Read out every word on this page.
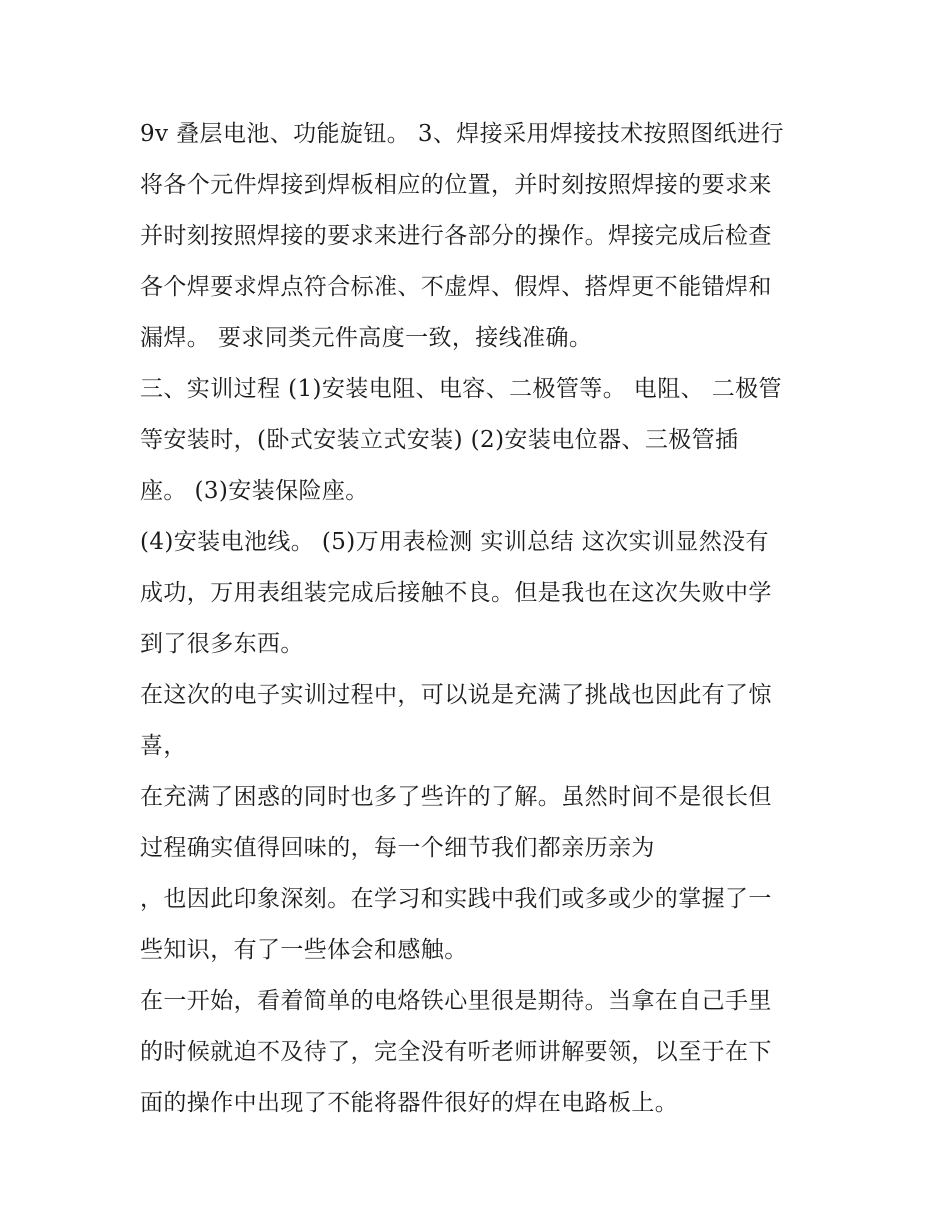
9v 叠层电池、功能旋钮。 3、焊接采用焊接技术按照图纸进行
将各个元件焊接到焊板相应的位置，并时刻按照焊接的要求来
并时刻按照焊接的要求来进行各部分的操作。焊接完成后检查
各个焊要求焊点符合标准、不虚焊、假焊、搭焊更不能错焊和
漏焊。 要求同类元件高度一致，接线准确。
三、实训过程 (1)安装电阻、电容、二极管等。 电阻、 二极管
等安装时，(卧式安装立式安装) (2)安装电位器、三极管插
座。 (3)安装保险座。
(4)安装电池线。 (5)万用表检测 实训总结 这次实训显然没有
成功，万用表组装完成后接触不良。但是我也在这次失败中学
到了很多东西。
在这次的电子实训过程中，可以说是充满了挑战也因此有了惊
喜，
在充满了困惑的同时也多了些许的了解。虽然时间不是很长但
过程确实值得回味的，每一个细节我们都亲历亲为
，也因此印象深刻。在学习和实践中我们或多或少的掌握了一
些知识，有了一些体会和感触。
在一开始，看着简单的电烙铁心里很是期待。当拿在自己手里
的时候就迫不及待了，完全没有听老师讲解要领，以至于在下
面的操作中出现了不能将器件很好的焊在电路板上。
